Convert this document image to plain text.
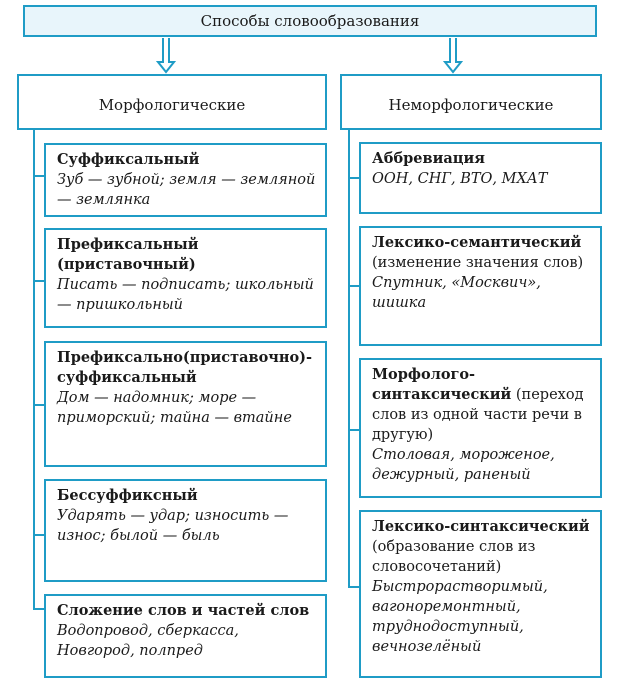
Способы словообразования
Морфологические	Неморфологические
Суффиксальный
Зуб — зубной; земля — земляной — землянка
Префиксальный (приставочный)
Писать — подписать; школьный — пришкольный
Префиксально(приставочно)-суффиксальный
Дом — надомник; море — приморский; тайна — втайне
Бессуффиксный
Ударять — удар; износить — износ; былой — быль
Сложение слов и частей слов
Водопровод, сберкасса, Новгород, полпред
Аббревиация
ООН, СНГ, ВТО, МХАТ
Лексико-семантический (изменение значения слов)
Спутник, «Москвич», шишка
Морфолого-синтаксический (переход слов из одной части речи в другую)
Столовая, мороженое, дежурный, раненый
Лексико-синтаксический (образование слов из словосочетаний)
Быстрорастворимый, вагоноремонтный, труднодоступный, вечнозелёный
